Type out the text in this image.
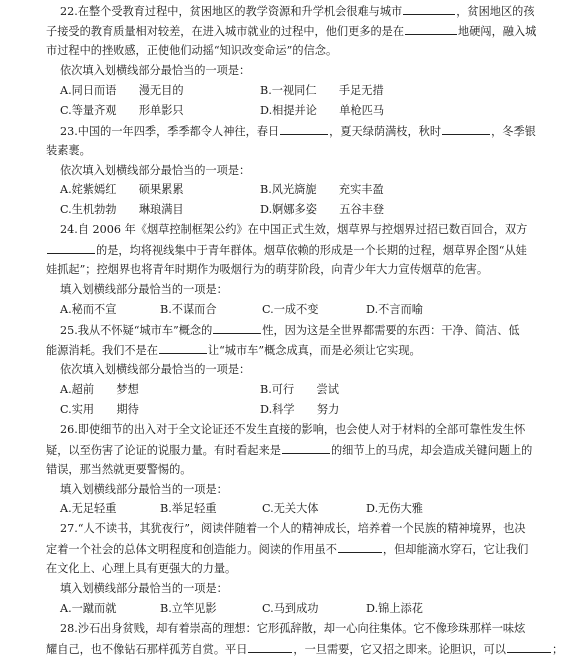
22.在整个受教育过程中，贫困地区的教学资源和升学机会很难与城市	，贫困地区的孩
子接受的教育质量相对较差，在进入城市就业的过程中，他们更多的是在	地硬闯，融入城
市过程中的挫败感，正使他们动摇“知识改变命运”的信念。
依次填入划横线部分最恰当的一项是：
A.同日而语　　漫无目的	B.一视同仁　　手足无措
C.等量齐观　　形单影只	D.相提并论　　单枪匹马
23.中国的一年四季，季季都令人神往，春日	，夏天绿荫满枝，秋时	，冬季银
装素裹。
依次填入划横线部分最恰当的一项是：
A.姹紫嫣红　　硕果累累	B.风光旖旎　　充实丰盈
C.生机勃勃　　琳琅满目	D.婀娜多姿　　五谷丰登
24.自 2006 年《烟草控制框架公约》在中国正式生效，烟草界与控烟界过招已数百回合，双方
的是，均将视线集中于青年群体。烟草依赖的形成是一个长期的过程，烟草界企图“从娃
娃抓起”；控烟界也将青年时期作为吸烟行为的萌芽阶段，向青少年大力宣传烟草的危害。
填入划横线部分最恰当的一项是：
A.秘而不宣	B.不谋而合	C.一成不变	D.不言而喻
25.我从不怀疑“城市车”概念的	性，因为这是全世界都需要的东西：干净、简洁、低
能源消耗。我们不是在	让“城市车”概念成真，而是必须让它实现。
依次填入划横线部分最恰当的一项是：
A.超前　　梦想	B.可行　　尝试
C.实用　　期待	D.科学　　努力
26.即使细节的出入对于全文论证还不发生直接的影响，也会使人对于材料的全部可靠性发生怀
疑，以至伤害了论证的说服力量。有时看起来是	的细节上的马虎，却会造成关键问题上的
错误，那当然就更要警惕的。
填入划横线部分最恰当的一项是：
A.无足轻重	B.举足轻重	C.无关大体	D.无伤大雅
27.“人不读书，其犹夜行”，阅读伴随着一个人的精神成长，培养着一个民族的精神境界，也决
定着一个社会的总体文明程度和创造能力。阅读的作用虽不	，但却能滴水穿石，它让我们
在文化上、心理上具有更强大的力量。
填入划横线部分最恰当的一项是：
A.一蹴而就	B.立竿见影	C.马到成功	D.锦上添花
28.沙石出身贫贱，却有着崇高的理想：它形孤辞散，却一心向往集体。它不像珍珠那样一味炫
耀自己，也不像钻石那样孤芳自赏。平日	，一旦需要，它又招之即来。论胆识，可以	；
